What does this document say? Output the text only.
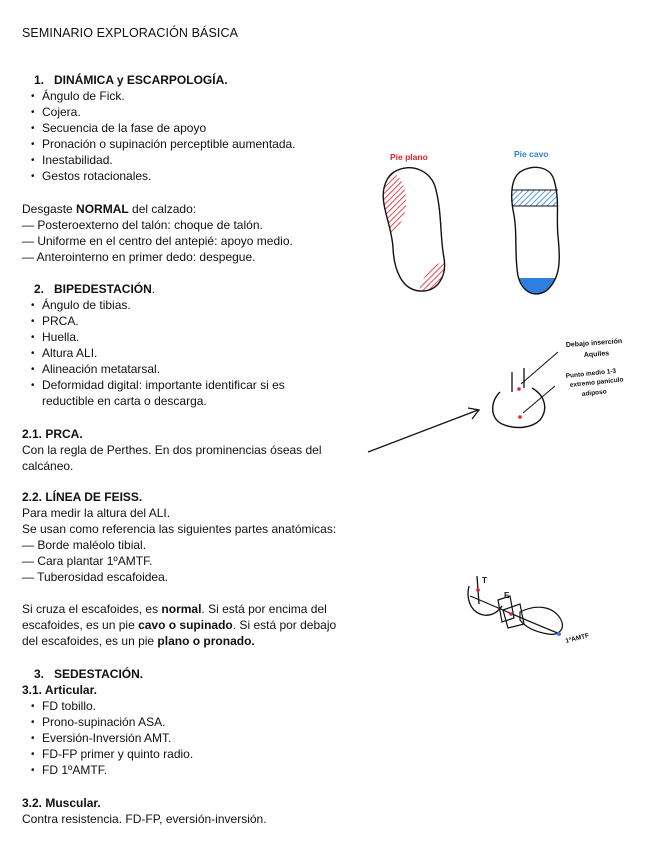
SEMINARIO EXPLORACIÓN BÁSICA
1. DINÁMICA y ESCARPOLOGÍA.
• Ángulo de Fick.
• Cojera.
• Secuencia de la fase de apoyo
• Pronación o supinación perceptible aumentada.
• Inestabilidad.
• Gestos rotacionales.
Desgaste NORMAL del calzado:
— Posteroexterno del talón: choque de talón.
— Uniforme en el centro del antepié: apoyo medio.
— Anterointerno en primer dedo: despegue.
2. BIPEDESTACIÓN.
• Ángulo de tibias.
• PRCA.
• Huella.
• Altura ALI.
• Alineación metatarsal.
• Deformidad digital: importante identificar si es
reductible en carta o descarga.
2.1. PRCA.
Con la regla de Perthes. En dos prominencias óseas del
calcáneo.
2.2. LÍNEA DE FEISS.
Para medir la altura del ALI.
Se usan como referencia las siguientes partes anatómicas:
— Borde maléolo tibial.
— Cara plantar 1ºAMTF.
— Tuberosidad escafoidea.
Si cruza el escafoides, es normal. Si está por encima del
escafoides, es un pie cavo o supinado. Si está por debajo
del escafoides, es un pie plano o pronado.
3. SEDESTACIÓN.
3.1. Articular.
• FD tobillo.
• Prono-supinación ASA.
• Eversión-Inversión AMT.
• FD-FP primer y quinto radio.
• FD 1ºAMTF.
3.2. Muscular.
Contra resistencia. FD-FP, eversión-inversión.
Pie plano	Pie cavo
Debajo inserción
Aquiles
Punto medio 1-3
extremo panículo
adiposo
T
E
1ºAMTF
